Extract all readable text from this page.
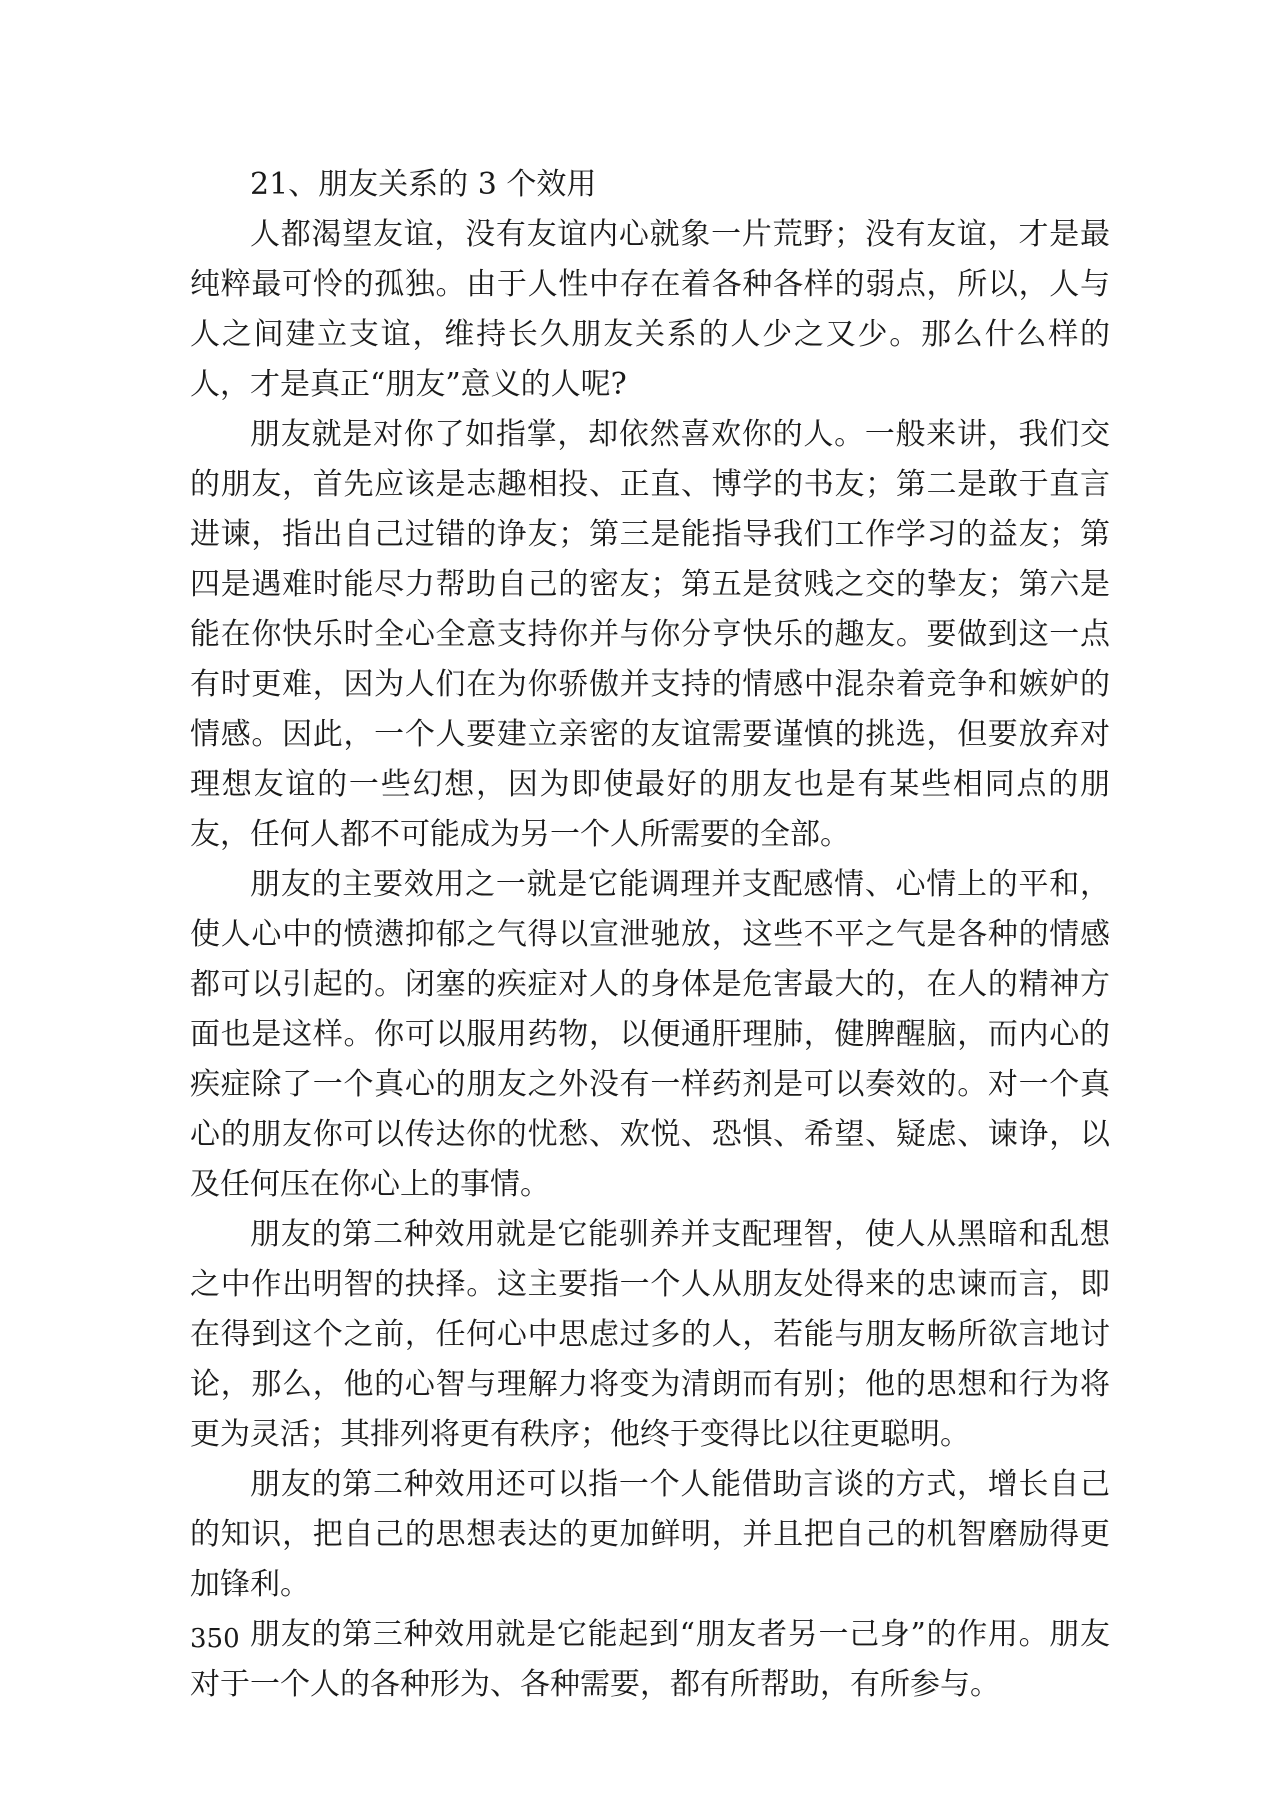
21、朋友关系的 3 个效用

人都渴望友谊，没有友谊内心就象一片荒野；没有友谊，才是最纯粹最可怜的孤独。由于人性中存在着各种各样的弱点，所以，人与人之间建立支谊，维持长久朋友关系的人少之又少。那么什么样的人，才是真正“朋友”意义的人呢?

朋友就是对你了如指掌，却依然喜欢你的人。一般来讲，我们交的朋友，首先应该是志趣相投、正直、博学的书友；第二是敢于直言进谏，指出自己过错的诤友；第三是能指导我们工作学习的益友；第四是遇难时能尽力帮助自己的密友；第五是贫贱之交的挚友；第六是能在你快乐时全心全意支持你并与你分亨快乐的趣友。要做到这一点有时更难，因为人们在为你骄傲并支持的情感中混杂着竞争和嫉妒的情感。因此，一个人要建立亲密的友谊需要谨慎的挑选，但要放弃对理想友谊的一些幻想，因为即使最好的朋友也是有某些相同点的朋友，任何人都不可能成为另一个人所需要的全部。

朋友的主要效用之一就是它能调理并支配感情、心情上的平和，使人心中的愤懑抑郁之气得以宣泄驰放，这些不平之气是各种的情感都可以引起的。闭塞的疾症对人的身体是危害最大的，在人的精神方面也是这样。你可以服用药物，以便通肝理肺，健脾醒脑，而内心的疾症除了一个真心的朋友之外没有一样药剂是可以奏效的。对一个真心的朋友你可以传达你的忧愁、欢悦、恐惧、希望、疑虑、谏诤，以及任何压在你心上的事情。

朋友的第二种效用就是它能驯养并支配理智，使人从黑暗和乱想之中作出明智的抉择。这主要指一个人从朋友处得来的忠谏而言，即在得到这个之前，任何心中思虑过多的人，若能与朋友畅所欲言地讨论，那么，他的心智与理解力将变为清朗而有别；他的思想和行为将更为灵活；其排列将更有秩序；他终于变得比以往更聪明。

朋友的第二种效用还可以指一个人能借助言谈的方式，增长自己的知识，把自己的思想表达的更加鲜明，并且把自己的机智磨励得更加锋利。

朋友的第三种效用就是它能起到“朋友者另一己身”的作用。朋友对于一个人的各种形为、各种需要，都有所帮助，有所参与。

350
